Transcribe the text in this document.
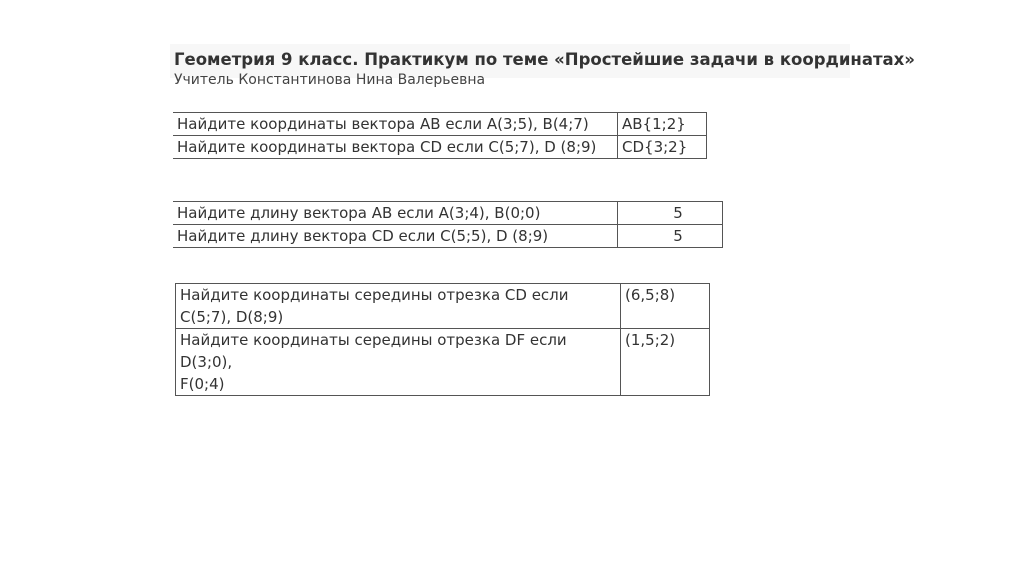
Геометрия 9 класс. Практикум по теме «Простейшие задачи в координатах»
Учитель Константинова Нина Валерьевна
Найдите координаты вектора AB если A(3;5), B(4;7)	AB{1;2}
Найдите координаты вектора CD если C(5;7), D (8;9)	CD{3;2}
Найдите длину вектора AB если A(3;4), B(0;0)	5
Найдите длину вектора CD если C(5;5), D (8;9)	5
Найдите координаты середины отрезка CD если
C(5;7), D(8;9)	(6,5;8)

Найдите координаты середины отрезка DF если D(3;0),
F(0;4)	(1,5;2)
